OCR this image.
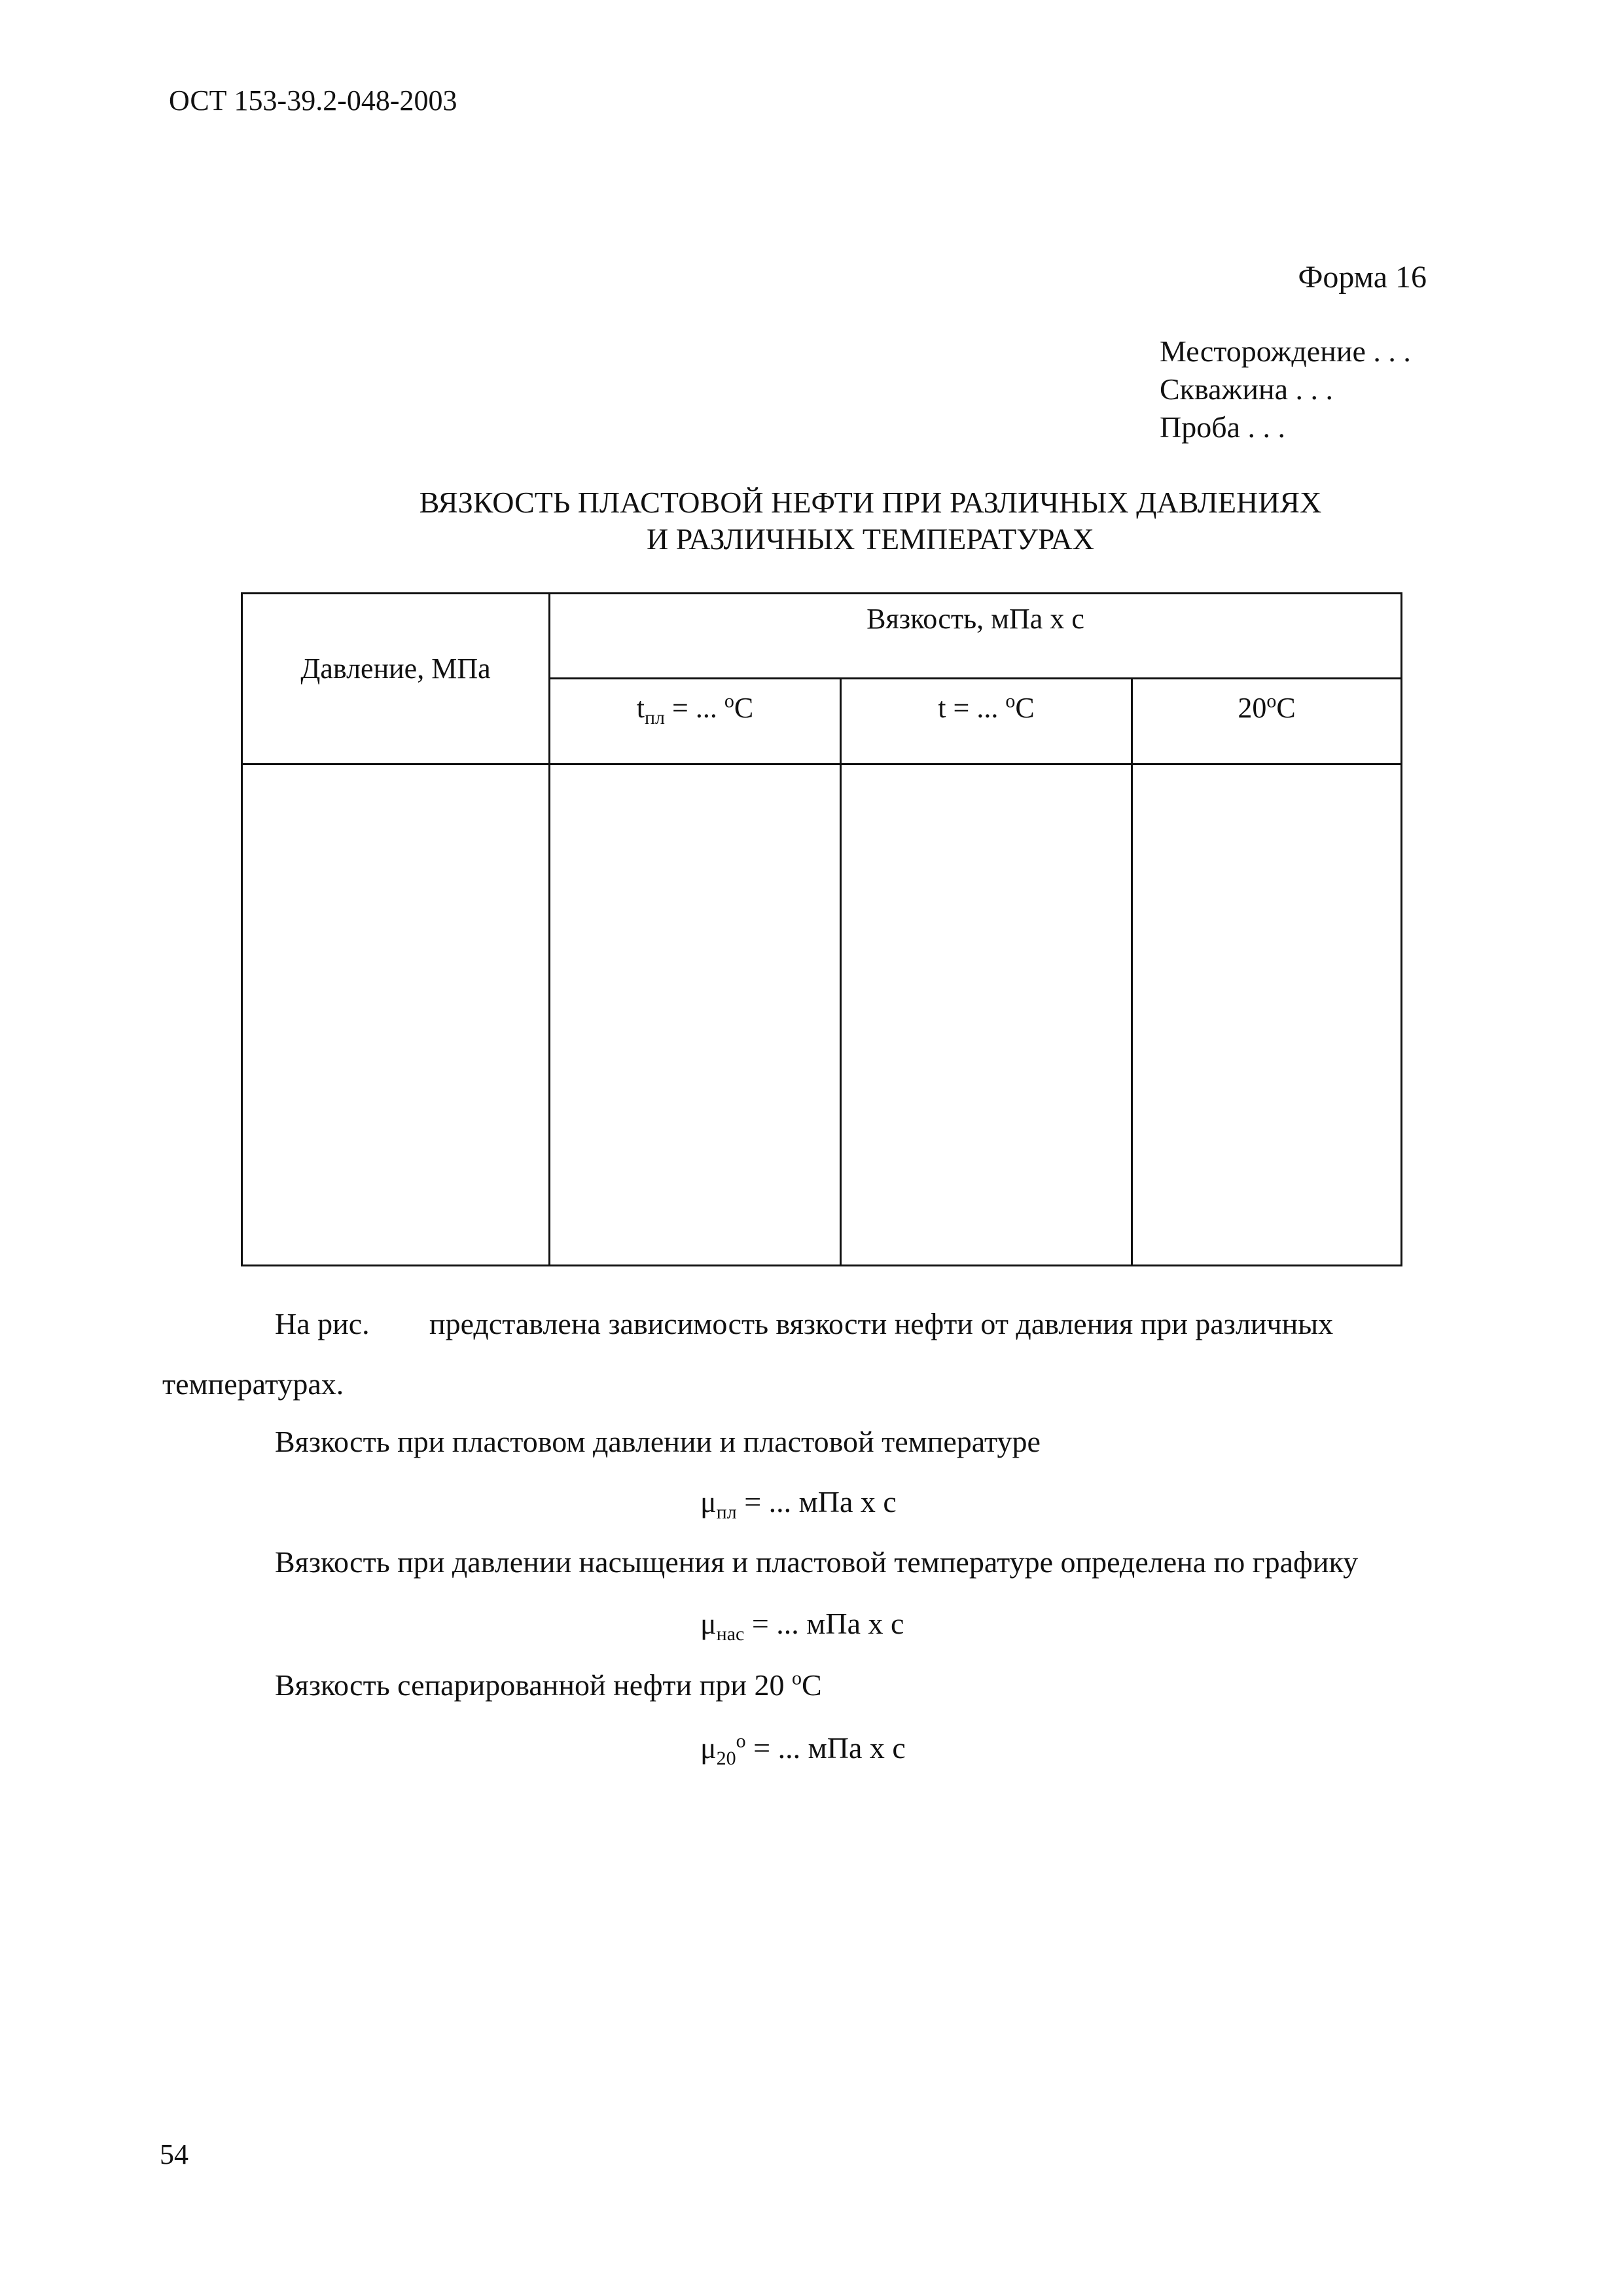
ОСТ 153-39.2-048-2003

Форма 16

Месторождение . . .

Скважина . . .

Проба . . .

ВЯЗКОСТЬ ПЛАСТОВОЙ НЕФТИ ПРИ РАЗЛИЧНЫХ ДАВЛЕНИЯХ
И РАЗЛИЧНЫХ ТЕМПЕРАТУРАХ
Давление, МПа	Вязкость, мПа х с		
	$t_{пл}$ = ... $^о$C	t = ... $^о$C	$20^оC$

На рис. представлена зависимость вязкости нефти от давления при различных

температурах.

Вязкость при пластовом давлении и пластовой температуре

$\mu_{пл}$ = ... мПа х с

Вязкость при давлении насыщения и пластовой температуре определена по графику

$\mu_{нас}$ = ... мПа х с

Вязкость сепарированной нефти при 20 $^о$C

$\mu_{20}^о$ = ... мПа х с

54
